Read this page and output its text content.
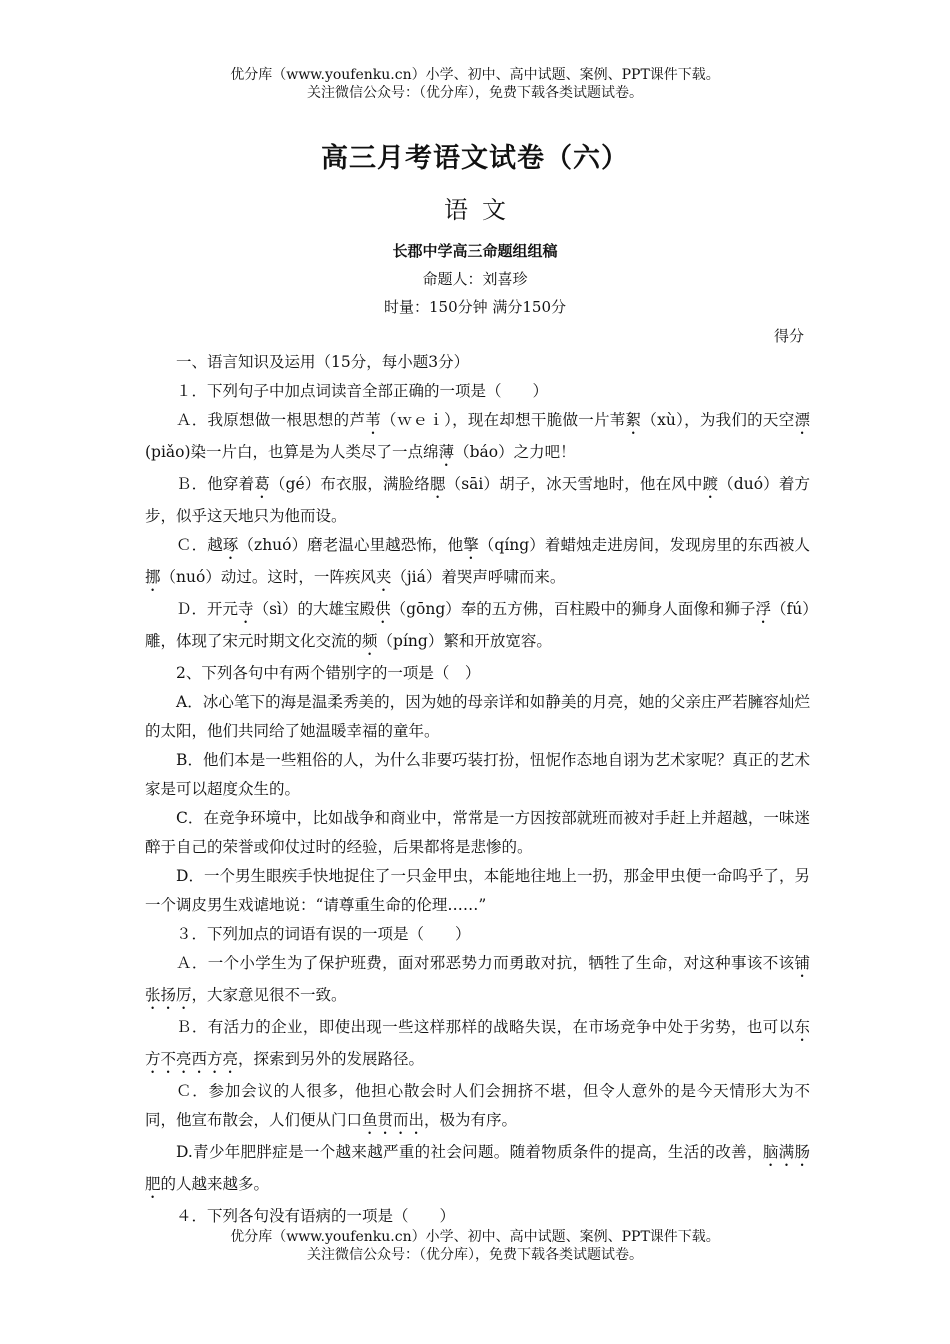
优分库（www.youfenku.cn）小学、初中、高中试题、案例、PPT课件下载。
关注微信公众号：（优分库），免费下载各类试题试卷。
高三月考语文试卷（六）
语文
长郡中学高三命题组组稿
命题人：刘喜珍
时量：150分钟 满分150分
得分

一、语言知识及运用（15分，每小题3分）

１．下列句子中加点词读音全部正确的一项是（　　）

Ａ．我原想做一根思想的芦苇（ｗｅｉ），现在却想干脆做一片苇絮（xù），为我们的天空漂(piǎo)染一片白，也算是为人类尽了一点绵薄（báo）之力吧！

Ｂ．他穿着葛（gé）布衣服，满脸络腮（sāi）胡子，冰天雪地时，他在风中踱（duó）着方步，似乎这天地只为他而设。

Ｃ．越琢（zhuó）磨老温心里越恐怖，他擎（qíng）着蜡烛走进房间，发现房里的东西被人挪（nuó）动过。这时，一阵疾风夹（jiá）着哭声呼啸而来。

Ｄ．开元寺（sì）的大雄宝殿供（gōng）奉的五方佛，百柱殿中的狮身人面像和狮子浮（fú）雕，体现了宋元时期文化交流的频（píng）繁和开放宽容。

2、下列各句中有两个错别字的一项是（　）

A．冰心笔下的海是温柔秀美的，因为她的母亲详和如静美的月亮，她的父亲庄严若臃容灿烂的太阳，他们共同给了她温暖幸福的童年。

B．他们本是一些粗俗的人，为什么非要巧装打扮，忸怩作态地自诩为艺术家呢？真正的艺术家是可以超度众生的。

C．在竞争环境中，比如战争和商业中，常常是一方因按部就班而被对手赶上并超越，一味迷醉于自己的荣誉或仰仗过时的经验，后果都将是悲惨的。

D．一个男生眼疾手快地捉住了一只金甲虫，本能地往地上一扔，那金甲虫便一命呜乎了，另一个调皮男生戏谑地说：“请尊重生命的伦理……”

３．下列加点的词语有误的一项是（　　）

Ａ．一个小学生为了保护班费，面对邪恶势力而勇敢对抗，牺牲了生命，对这种事该不该铺张扬厉，大家意见很不一致。

Ｂ．有活力的企业，即使出现一些这样那样的战略失误，在市场竞争中处于劣势，也可以东方不亮西方亮，探索到另外的发展路径。

Ｃ．参加会议的人很多，他担心散会时人们会拥挤不堪，但令人意外的是今天情形大为不同，他宣布散会，人们便从门口鱼贯而出，极为有序。

D.青少年肥胖症是一个越来越严重的社会问题。随着物质条件的提高，生活的改善，脑满肠肥的人越来越多。

４．下列各句没有语病的一项是（　　）

优分库（www.youfenku.cn）小学、初中、高中试题、案例、PPT课件下载。
关注微信公众号：（优分库），免费下载各类试题试卷。
